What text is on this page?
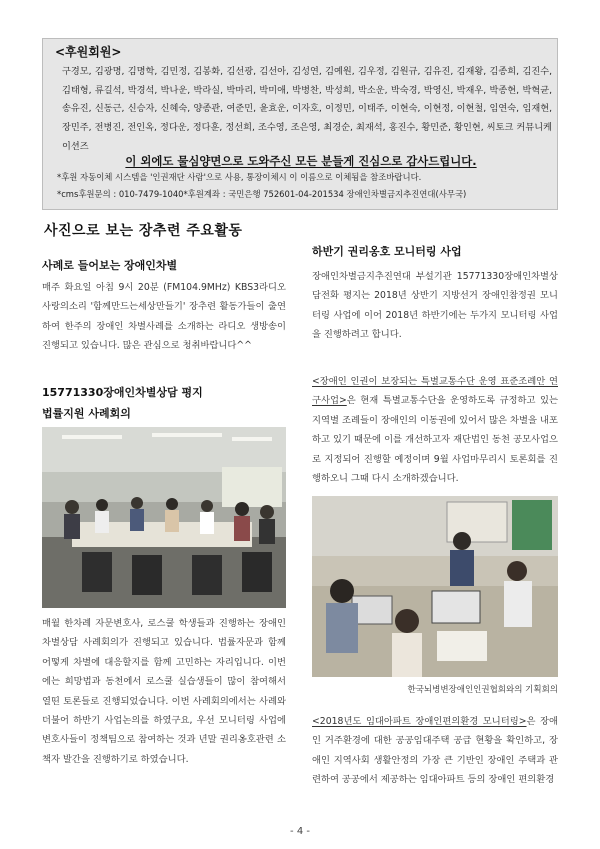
<후원회원>
구경모, 김광명, 김명학, 김민정, 김봉화, 김선광, 김선아, 김성연, 김예원, 김우정, 김원규, 김유진, 김재왕, 김종희, 김진수, 김태형, 류길석, 박경석, 박나운, 박라실, 박마리, 박미애, 박병찬, 박성희, 박소운, 박숙경, 박영신, 박재우, 박종현, 박혁균, 송유진, 신동근, 신승자, 신혜숙, 양종관, 여준민, 윤효운, 이자호, 이정민, 이태주, 이현숙, 이현정, 이현철, 임연숙, 임재현, 장민주, 전병진, 전인옥, 정다운, 정다훈, 정선희, 조수영, 조은영, 최경순, 최재석, 홍진수, 황민준, 황인현, 씨토크 커뮤니케이션즈
이 외에도 물심양면으로 도와주신 모든 분들게 진심으로 감사드립니다.
*후원 자동이체 시스템을 '인권재단 사람'으로 사용, 통장이체시 이 이름으로 이체됨을 참조바랍니다.
*cms후원문의 : 010-7479-1040*후원계좌 : 국민은행 752601-04-201534 장애인차별금지추진연대(사무국)
사진으로 보는 장추련 주요활동
사례로 들어보는 장애인차별
매주 화요일 아침 9시 20분 (FM104.9MHz) KBS3라디오 사랑의소리 '함께만드는세상만들기' 장추련 활동가들이 출연하여 한주의 장애인 차별사례를 소개하는 라디오 생방송이 진행되고 있습니다. 많은 관심으로 청취바랍니다^^
15771330장애인차별상담 평지
법률지원 사례회의
매월 한차례 자문변호사, 로스쿨 학생들과 진행하는 장애인 차별상담 사례회의가 진행되고 있습니다. 법률자문과 함께 어떻게 차별에 대응할지를 함께 고민하는 자리입니다. 이번에는 희망법과 동천에서 로스쿨 실습생들이 많이 참여해서 열띤 토론들로 진행되었습니다. 이번 사례회의에서는 사례와 더불어 하반기 사업논의를 하였구요, 우선 모니터링 사업에 변호사들이 정책팀으로 참여하는 것과 년말 권리옹호관련 소책자 발간을 진행하기로 하였습니다.
하반기 권리옹호 모니터링 사업
장애인차별금지추진연대 부설기관 15771330장애인차별상담전화 평지는 2018년 상반기 지방선거 장애인참정권 모니터링 사업에 이어 2018년 하반기에는 두가지 모니터링 사업을 진행하려고 합니다.
<장애인 인권이 보장되는 특별교통수단 운영 표준조례안 연구사업>은 현재 특별교통수단을 운영하도록 규정하고 있는 지역별 조례들이 장애인의 이동권에 있어서 많은 차별을 내포하고 있기 때문에 이를 개선하고자 재단법인 동천 공모사업으로 지정되어 진행할 예정이며 9월 사업마무리시 토론회를 진행하오니 그때 다시 소개하겠습니다.
한국뇌병변장애인인권협회와의 기획회의
<2018년도 임대아파트 장애인편의환경 모니터링>은 장애인 거주환경에 대한 공공임대주택 공급 현황을 확인하고, 장애인 지역사회 생활안정의 가장 큰 기반인 장애인 주택과 관련하여 공공에서 제공하는 임대아파트 등의 장애인 편의환경
- 4 -
